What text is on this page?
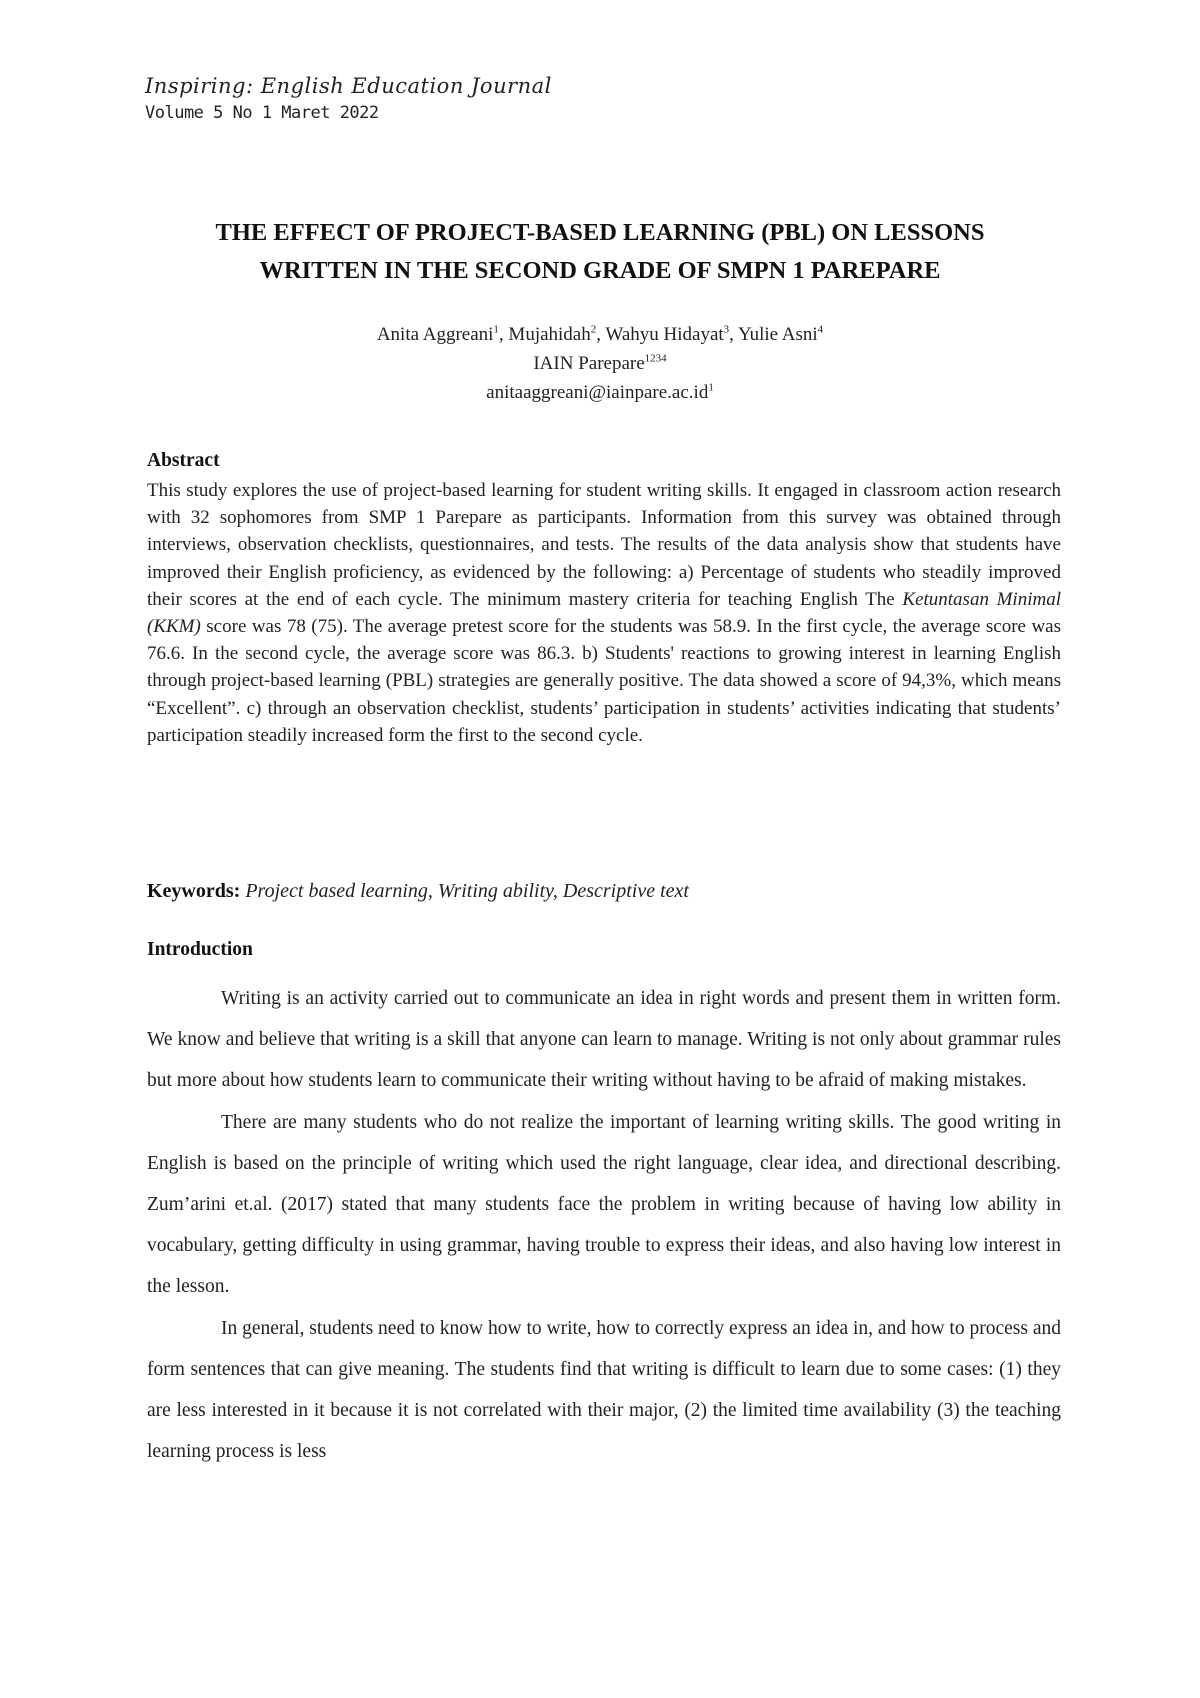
Inspiring: English Education Journal
Volume 5 No 1 Maret 2022
THE EFFECT OF PROJECT-BASED LEARNING (PBL) ON LESSONS
WRITTEN IN THE SECOND GRADE OF SMPN 1 PAREPARE
Anita Aggreani$^1$, Mujahidah$^2$, Wahyu Hidayat$^3$, Yulie Asni$^4$
IAIN Parepare$^{1234}$
$anitaaggreani@iainpare.ac.id^1$
Abstract
This study explores the use of project-based learning for student writing skills. It engaged in classroom action research with 32 sophomores from SMP 1 Parepare as participants. Information from this survey was obtained through interviews, observation checklists, questionnaires, and tests. The results of the data analysis show that students have improved their English proficiency, as evidenced by the following: a) Percentage of students who steadily improved their scores at the end of each cycle. The minimum mastery criteria for teaching English The Ketuntasan Minimal (KKM) score was 78 (75). The average pretest score for the students was 58.9. In the first cycle, the average score was 76.6. In the second cycle, the average score was 86.3. b) Students' reactions to growing interest in learning English through project-based learning (PBL) strategies are generally positive. The data showed a score of 94,3%, which means “Excellent”. c) through an observation checklist, students’ participation in students’ activities indicating that students’ participation steadily increased form the first to the second cycle.
Keywords: Project based learning, Writing ability, Descriptive text
Introduction

Writing is an activity carried out to communicate an idea in right words and present them in written form. We know and believe that writing is a skill that anyone can learn to manage. Writing is not only about grammar rules but more about how students learn to communicate their writing without having to be afraid of making mistakes.

There are many students who do not realize the important of learning writing skills. The good writing in English is based on the principle of writing which used the right language, clear idea, and directional describing. Zum’arini et.al. (2017) stated that many students face the problem in writing because of having low ability in vocabulary, getting difficulty in using grammar, having trouble to express their ideas, and also having low interest in the lesson.

In general, students need to know how to write, how to correctly express an idea in, and how to process and form sentences that can give meaning. The students find that writing is difficult to learn due to some cases: (1) they are less interested in it because it is not correlated with their major, (2) the limited time availability (3) the teaching learning process is less
